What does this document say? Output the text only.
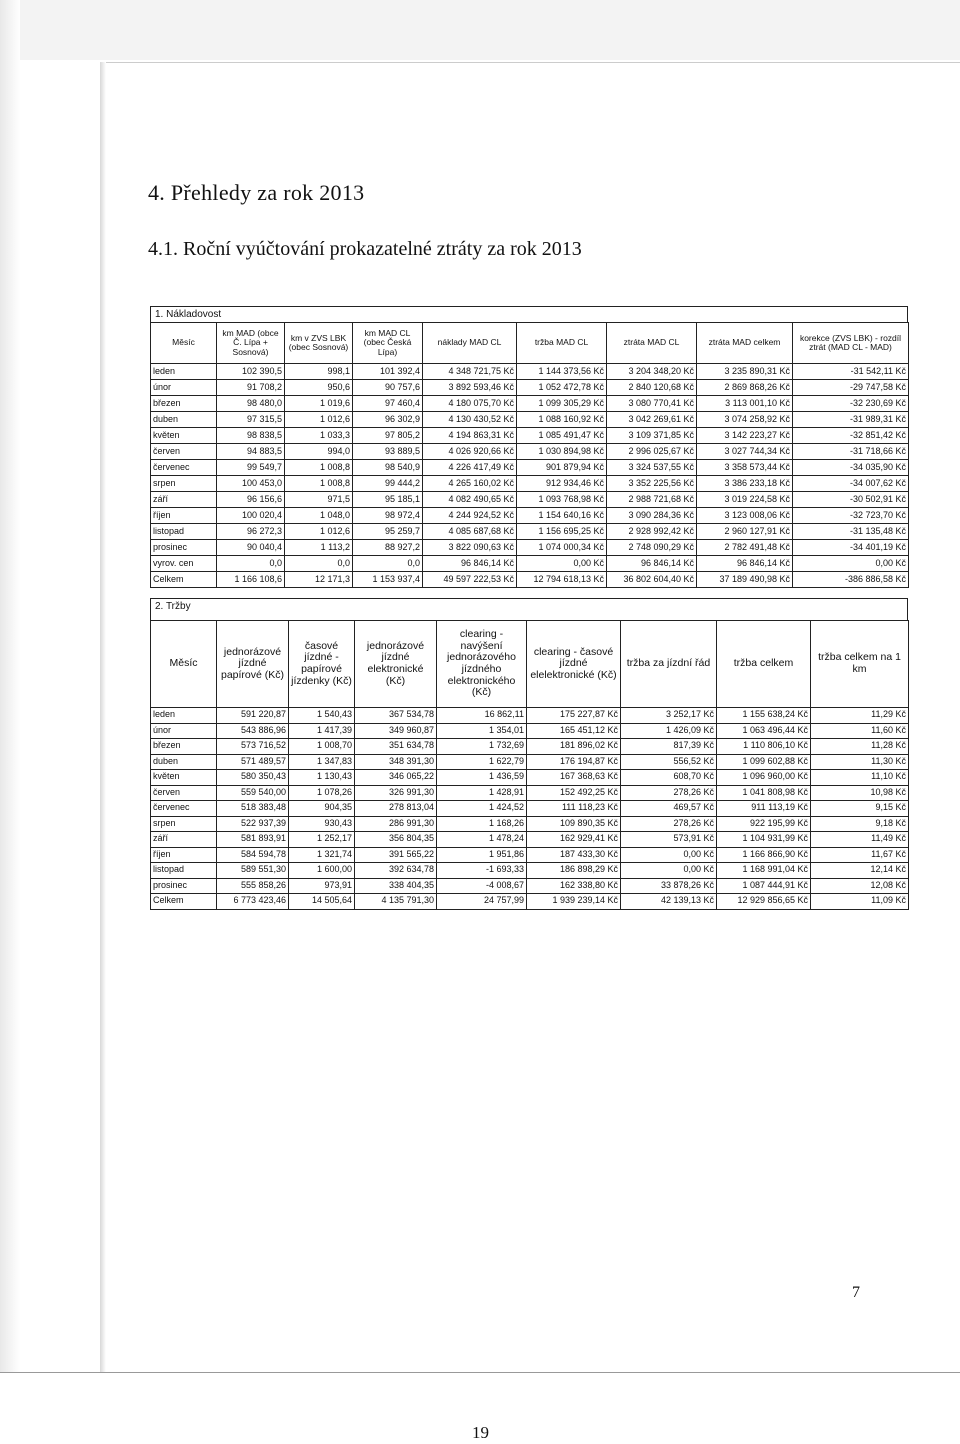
4. Přehledy za rok 2013
4.1. Roční vyúčtování prokazatelné ztráty za rok 2013
1. Nákladovost
Měsíc	km MAD (obce Č. Lípa + Sosnová)	km v ZVS LBK (obec Sosnová)	km MAD CL (obec Česká Lípa)	náklady MAD CL	tržba MAD CL	ztráta MAD CL	ztráta MAD celkem	korekce (ZVS LBK) - rozdíl ztrát (MAD CL - MAD)
leden	102 390,5	998,1	101 392,4	4 348 721,75 Kč	1 144 373,56 Kč	3 204 348,20 Kč	3 235 890,31 Kč	-31 542,11 Kč
únor	91 708,2	950,6	90 757,6	3 892 593,46 Kč	1 052 472,78 Kč	2 840 120,68 Kč	2 869 868,26 Kč	-29 747,58 Kč
březen	98 480,0	1 019,6	97 460,4	4 180 075,70 Kč	1 099 305,29 Kč	3 080 770,41 Kč	3 113 001,10 Kč	-32 230,69 Kč
duben	97 315,5	1 012,6	96 302,9	4 130 430,52 Kč	1 088 160,92 Kč	3 042 269,61 Kč	3 074 258,92 Kč	-31 989,31 Kč
květen	98 838,5	1 033,3	97 805,2	4 194 863,31 Kč	1 085 491,47 Kč	3 109 371,85 Kč	3 142 223,27 Kč	-32 851,42 Kč
červen	94 883,5	994,0	93 889,5	4 026 920,66 Kč	1 030 894,98 Kč	2 996 025,67 Kč	3 027 744,34 Kč	-31 718,66 Kč
červenec	99 549,7	1 008,8	98 540,9	4 226 417,49 Kč	901 879,94 Kč	3 324 537,55 Kč	3 358 573,44 Kč	-34 035,90 Kč
srpen	100 453,0	1 008,8	99 444,2	4 265 160,02 Kč	912 934,46 Kč	3 352 225,56 Kč	3 386 233,18 Kč	-34 007,62 Kč
září	96 156,6	971,5	95 185,1	4 082 490,65 Kč	1 093 768,98 Kč	2 988 721,68 Kč	3 019 224,58 Kč	-30 502,91 Kč
říjen	100 020,4	1 048,0	98 972,4	4 244 924,52 Kč	1 154 640,16 Kč	3 090 284,36 Kč	3 123 008,06 Kč	-32 723,70 Kč
listopad	96 272,3	1 012,6	95 259,7	4 085 687,68 Kč	1 156 695,25 Kč	2 928 992,42 Kč	2 960 127,91 Kč	-31 135,48 Kč
prosinec	90 040,4	1 113,2	88 927,2	3 822 090,63 Kč	1 074 000,34 Kč	2 748 090,29 Kč	2 782 491,48 Kč	-34 401,19 Kč
vyrov. cen	0,0	0,0	0,0	96 846,14 Kč	0,00 Kč	96 846,14 Kč	96 846,14 Kč	0,00 Kč
Celkem	1 166 108,6	12 171,3	1 153 937,4	49 597 222,53 Kč	12 794 618,13 Kč	36 802 604,40 Kč	37 189 490,98 Kč	-386 886,58 Kč
2. Tržby
Měsíc	jednorázové jízdné papírové (Kč)	časové jízdné - papírové jízdenky (Kč)	jednorázové jízdné elektronické (Kč)	clearing - navýšení jednorázového jízdného elektronického (Kč)	clearing - časové jízdné elelektronické (Kč)	tržba za jízdní řád	tržba celkem	tržba celkem na 1 km
leden	591 220,87	1 540,43	367 534,78	16 862,11	175 227,87 Kč	3 252,17 Kč	1 155 638,24 Kč	11,29 Kč
únor	543 886,96	1 417,39	349 960,87	1 354,01	165 451,12 Kč	1 426,09 Kč	1 063 496,44 Kč	11,60 Kč
březen	573 716,52	1 008,70	351 634,78	1 732,69	181 896,02 Kč	817,39 Kč	1 110 806,10 Kč	11,28 Kč
duben	571 489,57	1 347,83	348 391,30	1 622,79	176 194,87 Kč	556,52 Kč	1 099 602,88 Kč	11,30 Kč
květen	580 350,43	1 130,43	346 065,22	1 436,59	167 368,63 Kč	608,70 Kč	1 096 960,00 Kč	11,10 Kč
červen	559 540,00	1 078,26	326 991,30	1 428,91	152 492,25 Kč	278,26 Kč	1 041 808,98 Kč	10,98 Kč
červenec	518 383,48	904,35	278 813,04	1 424,52	111 118,23 Kč	469,57 Kč	911 113,19 Kč	9,15 Kč
srpen	522 937,39	930,43	286 991,30	1 168,26	109 890,35 Kč	278,26 Kč	922 195,99 Kč	9,18 Kč
září	581 893,91	1 252,17	356 804,35	1 478,24	162 929,41 Kč	573,91 Kč	1 104 931,99 Kč	11,49 Kč
říjen	584 594,78	1 321,74	391 565,22	1 951,86	187 433,30 Kč	0,00 Kč	1 166 866,90 Kč	11,67 Kč
listopad	589 551,30	1 600,00	392 634,78	-1 693,33	186 898,29 Kč	0,00 Kč	1 168 991,04 Kč	12,14 Kč
prosinec	555 858,26	973,91	338 404,35	-4 008,67	162 338,80 Kč	33 878,26 Kč	1 087 444,91 Kč	12,08 Kč
Celkem	6 773 423,46	14 505,64	4 135 791,30	24 757,99	1 939 239,14 Kč	42 139,13 Kč	12 929 856,65 Kč	11,09 Kč
7
19
